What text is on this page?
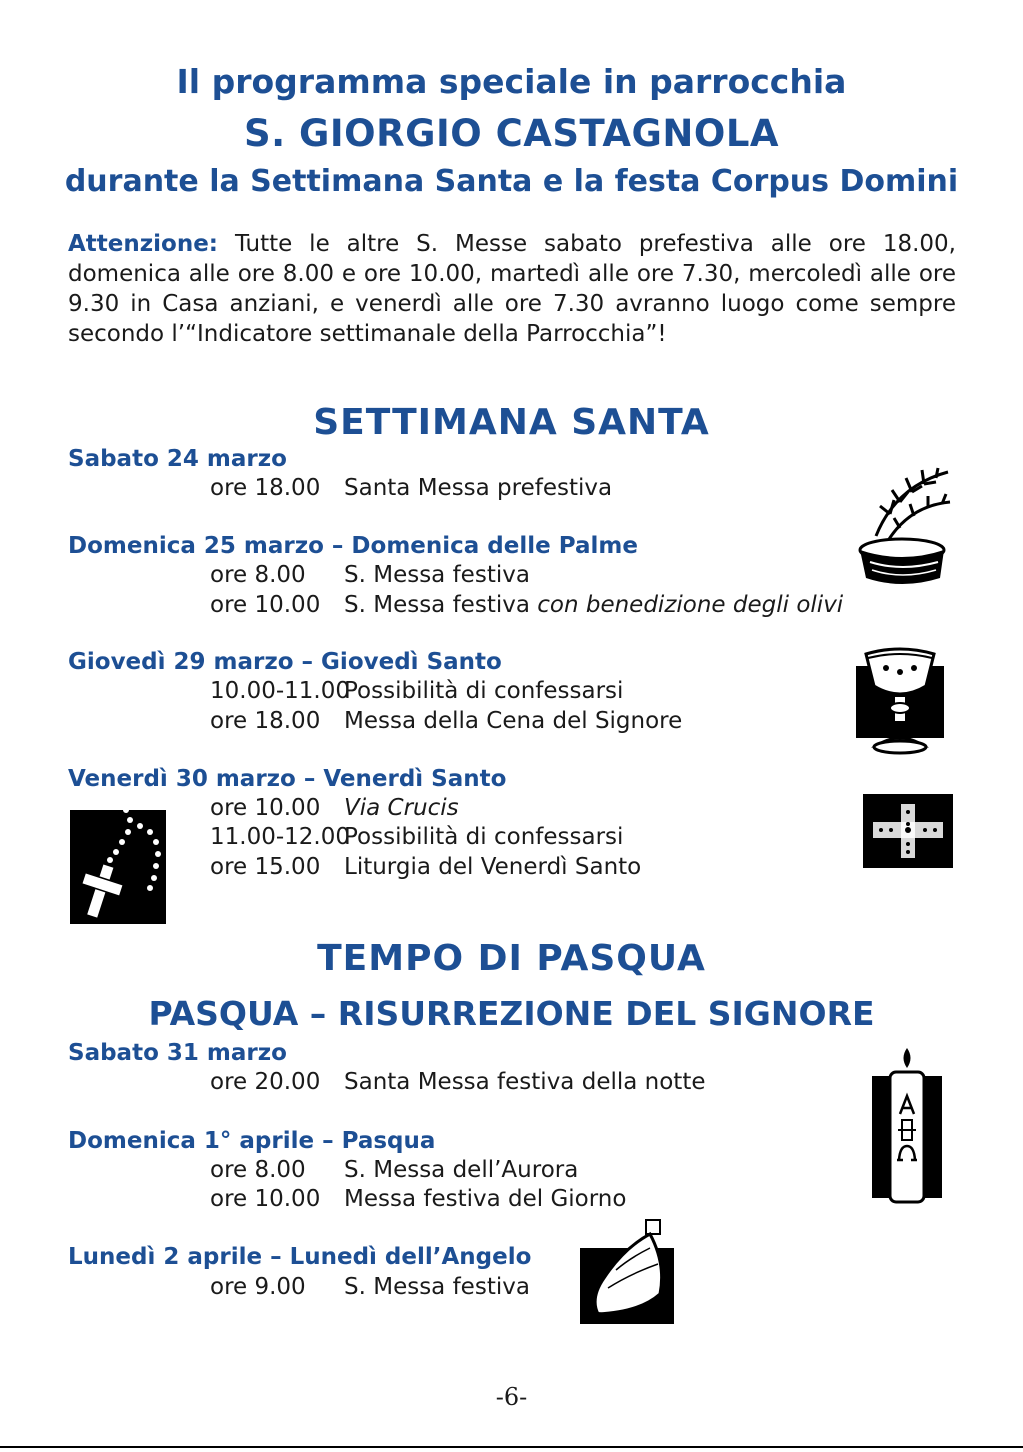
Il programma speciale in parrocchia
S. GIORGIO CASTAGNOLA
durante la Settimana Santa e la festa Corpus Domini
Attenzione: Tutte le altre S. Messe sabato prefestiva alle ore 18.00, domenica alle ore 8.00 e ore 10.00, martedì alle ore 7.30, mercoledì alle ore 9.30 in Casa anziani, e venerdì alle ore 7.30 avranno luogo come sempre secondo l’“Indicatore settimanale della Parrocchia”!
SETTIMANA SANTA
Sabato 24 marzo
ore 18.00 Santa Messa prefestiva
Domenica 25 marzo – Domenica delle Palme
ore 8.00 S. Messa festiva
ore 10.00 S. Messa festiva con benedizione degli olivi
Giovedì 29 marzo – Giovedì Santo
10.00-11.00
Possibilità di confessarsi
ore 18.00 Messa della Cena del Signore
Venerdì 30 marzo – Venerdì Santo
ore 10.00 Via Crucis
11.00-12.00
Possibilità di confessarsi
ore 15.00 Liturgia del Venerdì Santo
TEMPO DI PASQUA
PASQUA – RISURREZIONE DEL SIGNORE
Sabato 31 marzo
ore 20.00 Santa Messa festiva della notte
Domenica 1° aprile – Pasqua
ore 8.00 S. Messa dell’Aurora
ore 10.00 Messa festiva del Giorno
Lunedì 2 aprile – Lunedì dell’Angelo
ore 9.00 S. Messa festiva
-6-
